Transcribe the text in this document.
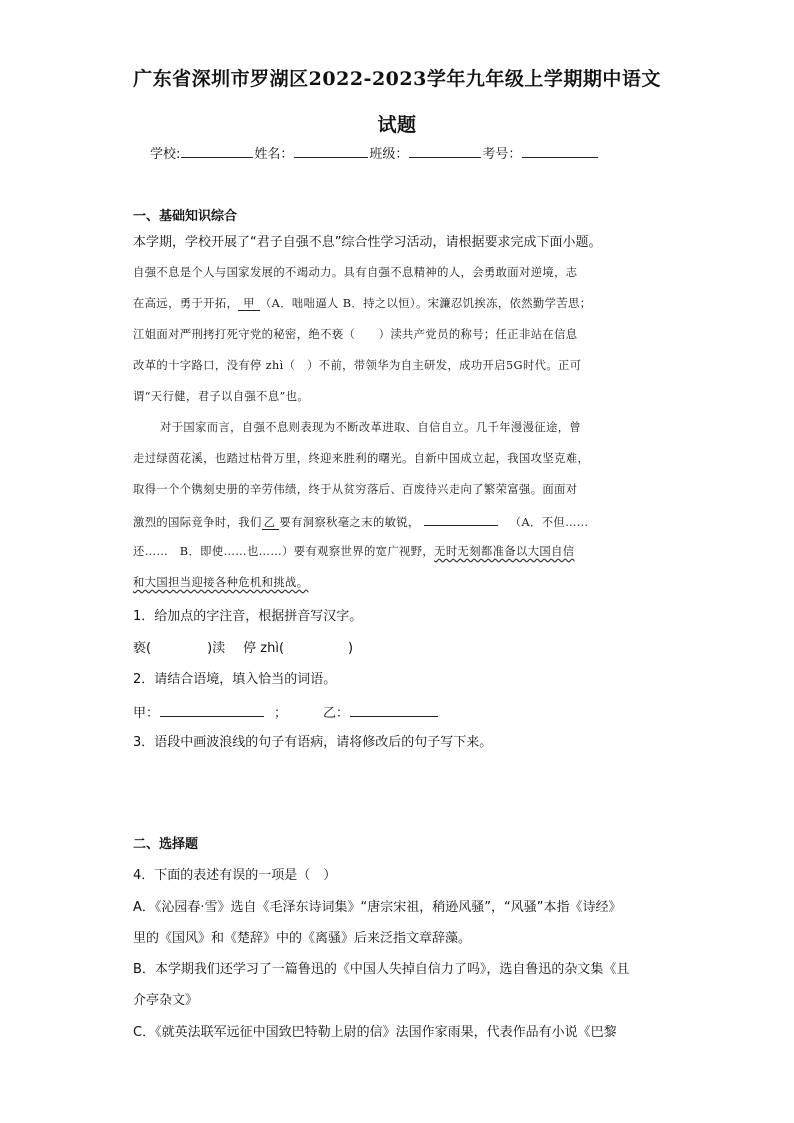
广东省深圳市罗湖区2022-2023学年九年级上学期期中语文
试题
学校:	姓名：	班级：	考号：
一、基础知识综合
本学期，学校开展了“君子自强不息”综合性学习活动，请根据要求完成下面小题。
自强不息是个人与国家发展的不竭动力。具有自强不息精神的人，会勇敢面对逆境，志
在高远，勇于开拓， 甲 （A．咄咄逼人 B．持之以恒）。宋濂忍饥挨冻，依然勤学苦思；
江姐面对严刑拷打死守党的秘密，绝不亵（　　）渎共产党员的称号；任正非站在信息
改革的十字路口，没有停 zhì（　）不前，带领华为自主研发，成功开启5G时代。正可
谓“天行健，君子以自强不息”也。
对于国家而言，自强不息则表现为不断改革进取、自信自立。几千年漫漫征途，曾
走过绿茵花溪，也踏过枯骨万里，终迎来胜利的曙光。自新中国成立起，我国攻坚克难，
取得一个个镌刻史册的辛劳伟绩，终于从贫穷落后、百废待兴走向了繁荣富强。面面对
激烈的国际竞争时，我们 乙 要有洞察秋毫之末的敏锐，	（A．不但……
还……　B．即使……也……）要有观察世界的宽广视野，无时无刻都准备以大国自信
和大国担当迎接各种危机和挑战。
1．给加点的字注音，根据拼音写汉字。
亵(	)渎 停 zhì(	)
2．请结合语境，填入恰当的词语。
甲：	；	乙：
3．语段中画波浪线的句子有语病，请将修改后的句子写下来。
二、选择题
4．下面的表述有误的一项是（　）
A．《沁园春·雪》选自《毛泽东诗词集》“唐宗宋祖，稍逊风骚”，“风骚”本指《诗经》
里的《国风》和《楚辞》中的《离骚》后来泛指文章辞藻。
B．本学期我们还学习了一篇鲁迅的《中国人失掉自信力了吗》，选自鲁迅的杂文集《且
介亭杂文》
C．《就英法联军远征中国致巴特勒上尉的信》法国作家雨果，代表作品有小说《巴黎
